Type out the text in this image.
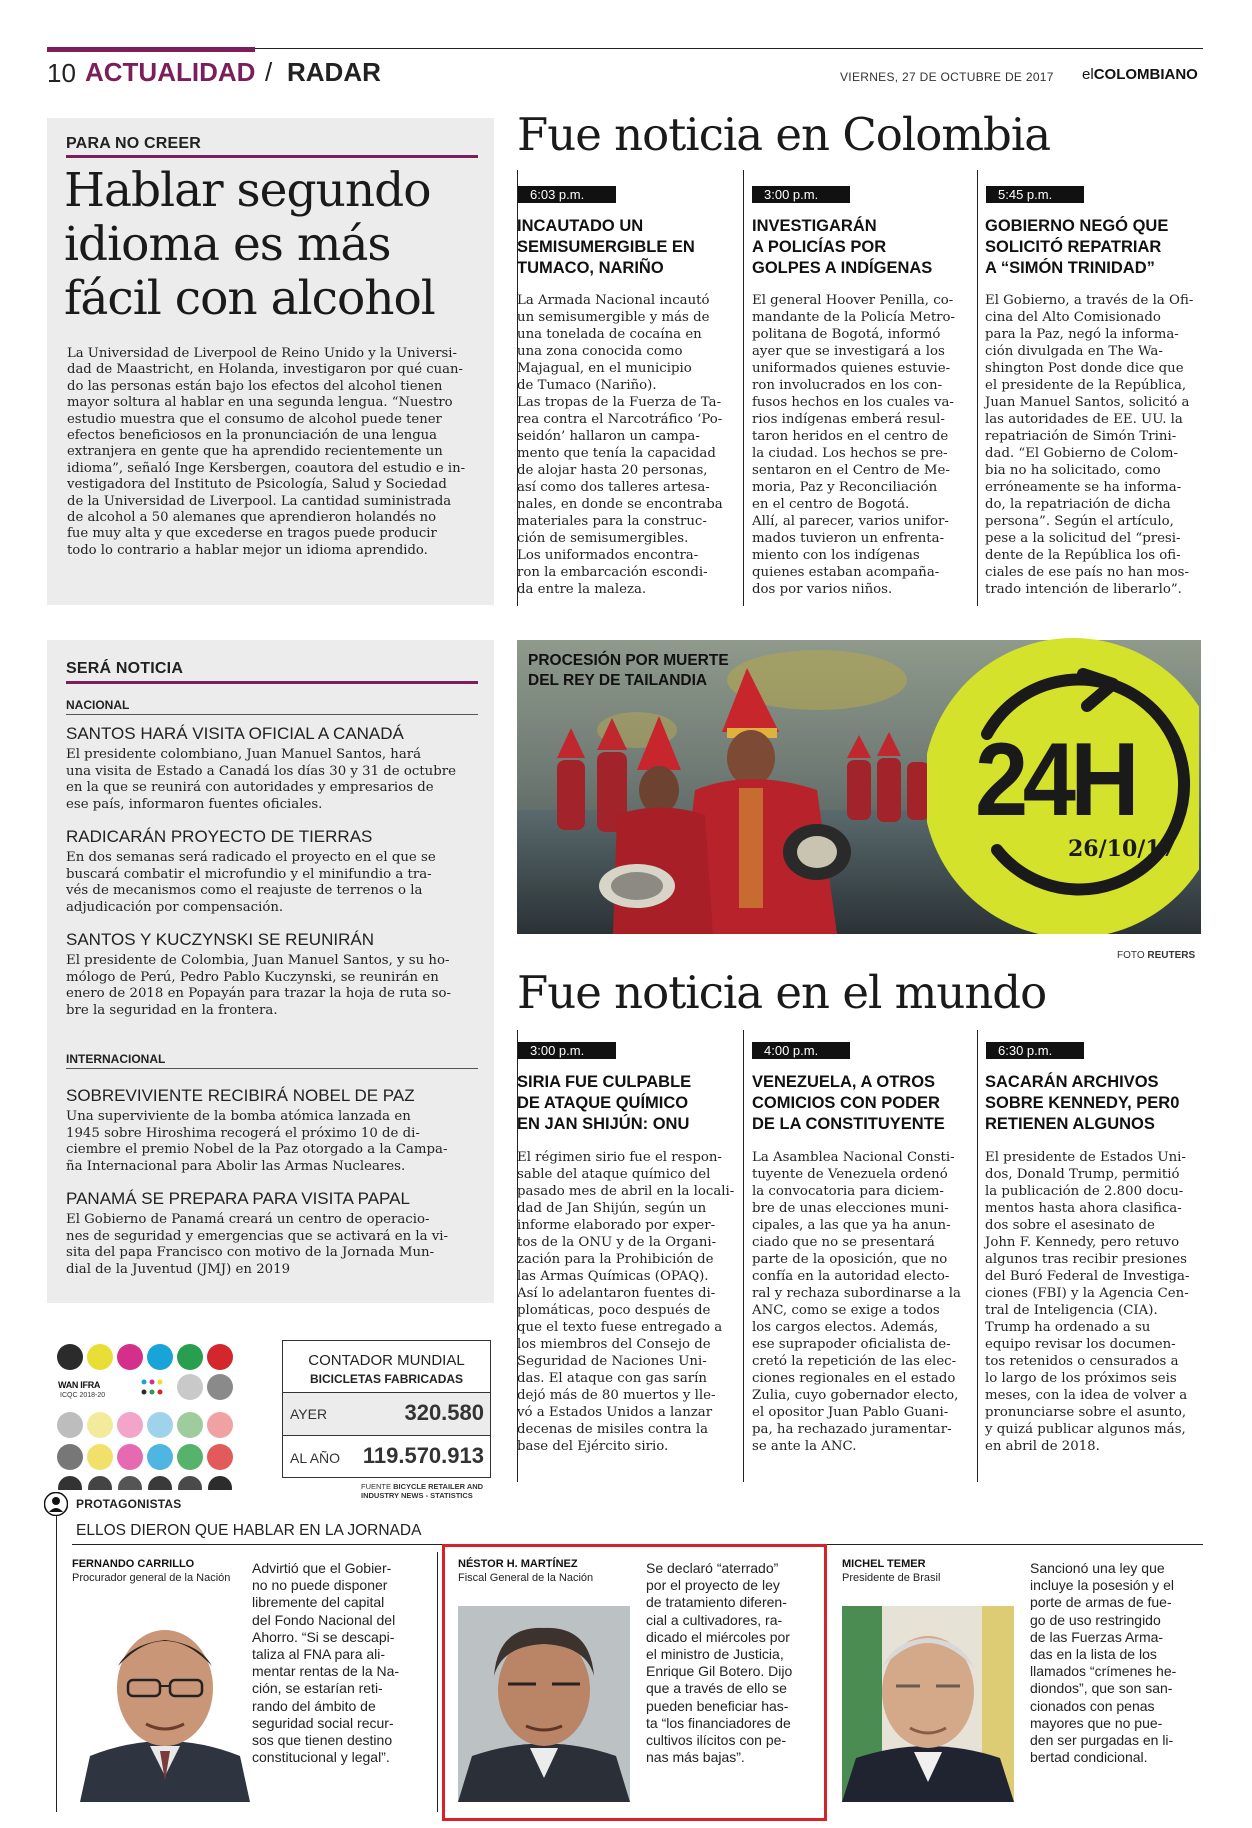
10 ACTUALIDAD / RADAR	VIERNES, 27 DE OCTUBRE DE 2017 elCOLOMBIANO
PARA NO CREER
Hablar segundo
idioma es más
fácil con alcohol
La Universidad de Liverpool de Reino Unido y la Universi-
dad de Maastricht, en Holanda, investigaron por qué cuan-
do las personas están bajo los efectos del alcohol tienen
mayor soltura al hablar en una segunda lengua. “Nuestro
estudio muestra que el consumo de alcohol puede tener
efectos beneficiosos en la pronunciación de una lengua
extranjera en gente que ha aprendido recientemente un
idioma”, señaló Inge Kersbergen, coautora del estudio e in-
vestigadora del Instituto de Psicología, Salud y Sociedad
de la Universidad de Liverpool. La cantidad suministrada
de alcohol a 50 alemanes que aprendieron holandés no
fue muy alta y que excederse en tragos puede producir
todo lo contrario a hablar mejor un idioma aprendido.
Fue noticia en Colombia
6:03 p.m.
INCAUTADO UN
SEMISUMERGIBLE EN
TUMACO, NARIÑO
La Armada Nacional incautó
un semisumergible y más de
una tonelada de cocaína en
una zona conocida como
Majagual, en el municipio
de Tumaco (Nariño).
Las tropas de la Fuerza de Ta-
rea contra el Narcotráfico ‘Po-
seidón’ hallaron un campa-
mento que tenía la capacidad
de alojar hasta 20 personas,
así como dos talleres artesa-
nales, en donde se encontraba
materiales para la construc-
ción de semisumergibles.
Los uniformados encontra-
ron la embarcación escondi-
da entre la maleza.
3:00 p.m.
INVESTIGARÁN
A POLICÍAS POR
GOLPES A INDÍGENAS
El general Hoover Penilla, co-
mandante de la Policía Metro-
politana de Bogotá, informó
ayer que se investigará a los
uniformados quienes estuvie-
ron involucrados en los con-
fusos hechos en los cuales va-
rios indígenas emberá resul-
taron heridos en el centro de
la ciudad. Los hechos se pre-
sentaron en el Centro de Me-
moria, Paz y Reconciliación
en el centro de Bogotá.
Allí, al parecer, varios unifor-
mados tuvieron un enfrenta-
miento con los indígenas
quienes estaban acompaña-
dos por varios niños.
5:45 p.m.
GOBIERNO NEGÓ QUE
SOLICITÓ REPATRIAR
A “SIMÓN TRINIDAD”
El Gobierno, a través de la Ofi-
cina del Alto Comisionado
para la Paz, negó la informa-
ción divulgada en The Wa-
shington Post donde dice que
el presidente de la República,
Juan Manuel Santos, solicitó a
las autoridades de EE. UU. la
repatriación de Simón Trini-
dad. “El Gobierno de Colom-
bia no ha solicitado, como
erróneamente se ha informa-
do, la repatriación de dicha
persona”. Según el artículo,
pese a la solicitud del “presi-
dente de la República los ofi-
ciales de ese país no han mos-
trado intención de liberarlo”.
SERÁ NOTICIA
NACIONAL
SANTOS HARÁ VISITA OFICIAL A CANADÁ
El presidente colombiano, Juan Manuel Santos, hará
una visita de Estado a Canadá los días 30 y 31 de octubre
en la que se reunirá con autoridades y empresarios de
ese país, informaron fuentes oficiales.
RADICARÁN PROYECTO DE TIERRAS
En dos semanas será radicado el proyecto en el que se
buscará combatir el microfundio y el minifundio a tra-
vés de mecanismos como el reajuste de terrenos o la
adjudicación por compensación.
SANTOS Y KUCZYNSKI SE REUNIRÁN
El presidente de Colombia, Juan Manuel Santos, y su ho-
mólogo de Perú, Pedro Pablo Kuczynski, se reunirán en
enero de 2018 en Popayán para trazar la hoja de ruta so-
bre la seguridad en la frontera.
INTERNACIONAL
SOBREVIVIENTE RECIBIRÁ NOBEL DE PAZ
Una superviviente de la bomba atómica lanzada en
1945 sobre Hiroshima recogerá el próximo 10 de di-
ciembre el premio Nobel de la Paz otorgado a la Campa-
ña Internacional para Abolir las Armas Nucleares.
PANAMÁ SE PREPARA PARA VISITA PAPAL
El Gobierno de Panamá creará un centro de operacio-
nes de seguridad y emergencias que se activará en la vi-
sita del papa Francisco con motivo de la Jornada Mun-
dial de la Juventud (JMJ) en 2019
PROCESIÓN POR MUERTE
DEL REY DE TAILANDIA
24H
26/10/17
FOTO REUTERS
Fue noticia en el mundo
3:00 p.m.
SIRIA FUE CULPABLE
DE ATAQUE QUÍMICO
EN JAN SHIJÚN: ONU
El régimen sirio fue el respon-
sable del ataque químico del
pasado mes de abril en la locali-
dad de Jan Shijún, según un
informe elaborado por exper-
tos de la ONU y de la Organi-
zación para la Prohibición de
las Armas Químicas (OPAQ).
Así lo adelantaron fuentes di-
plomáticas, poco después de
que el texto fuese entregado a
los miembros del Consejo de
Seguridad de Naciones Uni-
das. El ataque con gas sarín
dejó más de 80 muertos y lle-
vó a Estados Unidos a lanzar
decenas de misiles contra la
base del Ejército sirio.
4:00 p.m.
VENEZUELA, A OTROS
COMICIOS CON PODER
DE LA CONSTITUYENTE
La Asamblea Nacional Consti-
tuyente de Venezuela ordenó
la convocatoria para diciem-
bre de unas elecciones muni-
cipales, a las que ya ha anun-
ciado que no se presentará
parte de la oposición, que no
confía en la autoridad electo-
ral y rechaza subordinarse a la
ANC, como se exige a todos
los cargos electos. Además,
ese suprapoder oficialista de-
cretó la repetición de las elec-
ciones regionales en el estado
Zulia, cuyo gobernador electo,
el opositor Juan Pablo Guani-
pa, ha rechazado juramentar-
se ante la ANC.
6:30 p.m.
SACARÁN ARCHIVOS
SOBRE KENNEDY, PER0
RETIENEN ALGUNOS
El presidente de Estados Uni-
dos, Donald Trump, permitió
la publicación de 2.800 docu-
mentos hasta ahora clasifica-
dos sobre el asesinato de
John F. Kennedy, pero retuvo
algunos tras recibir presiones
del Buró Federal de Investiga-
ciones (FBI) y la Agencia Cen-
tral de Inteligencia (CIA).
Trump ha ordenado a su
equipo revisar los documen-
tos retenidos o censurados a
lo largo de los próximos seis
meses, con la idea de volver a
pronunciarse sobre el asunto,
y quizá publicar algunos más,
en abril de 2018.
WAN IFRA
ICQC 2018-20
CONTADOR MUNDIAL
BICICLETAS FABRICADAS
AYER	320.580
AL AÑO	119.570.913
FUENTE BICYCLE RETAILER AND
INDUSTRY NEWS - STATISTICS
PROTAGONISTAS
ELLOS DIERON QUE HABLAR EN LA JORNADA
FERNANDO CARRILLO
Procurador general de la Nación
Advirtió que el Gobier-
no no puede disponer
libremente del capital
del Fondo Nacional del
Ahorro. “Si se descapi-
taliza al FNA para ali-
mentar rentas de la Na-
ción, se estarían reti-
rando del ámbito de
seguridad social recur-
sos que tienen destino
constitucional y legal”.
NÉSTOR H. MARTÍNEZ
Fiscal General de la Nación
Se declaró “aterrado”
por el proyecto de ley
de tratamiento diferen-
cial a cultivadores, ra-
dicado el miércoles por
el ministro de Justicia,
Enrique Gil Botero. Dijo
que a través de ello se
pueden beneficiar has-
ta “los financiadores de
cultivos ilícitos con pe-
nas más bajas”.
MICHEL TEMER
Presidente de Brasil
Sancionó una ley que
incluye la posesión y el
porte de armas de fue-
go de uso restringido
de las Fuerzas Arma-
das en la lista de los
llamados “crímenes he-
diondos”, que son san-
cionados con penas
mayores que no pue-
den ser purgadas en li-
bertad condicional.
